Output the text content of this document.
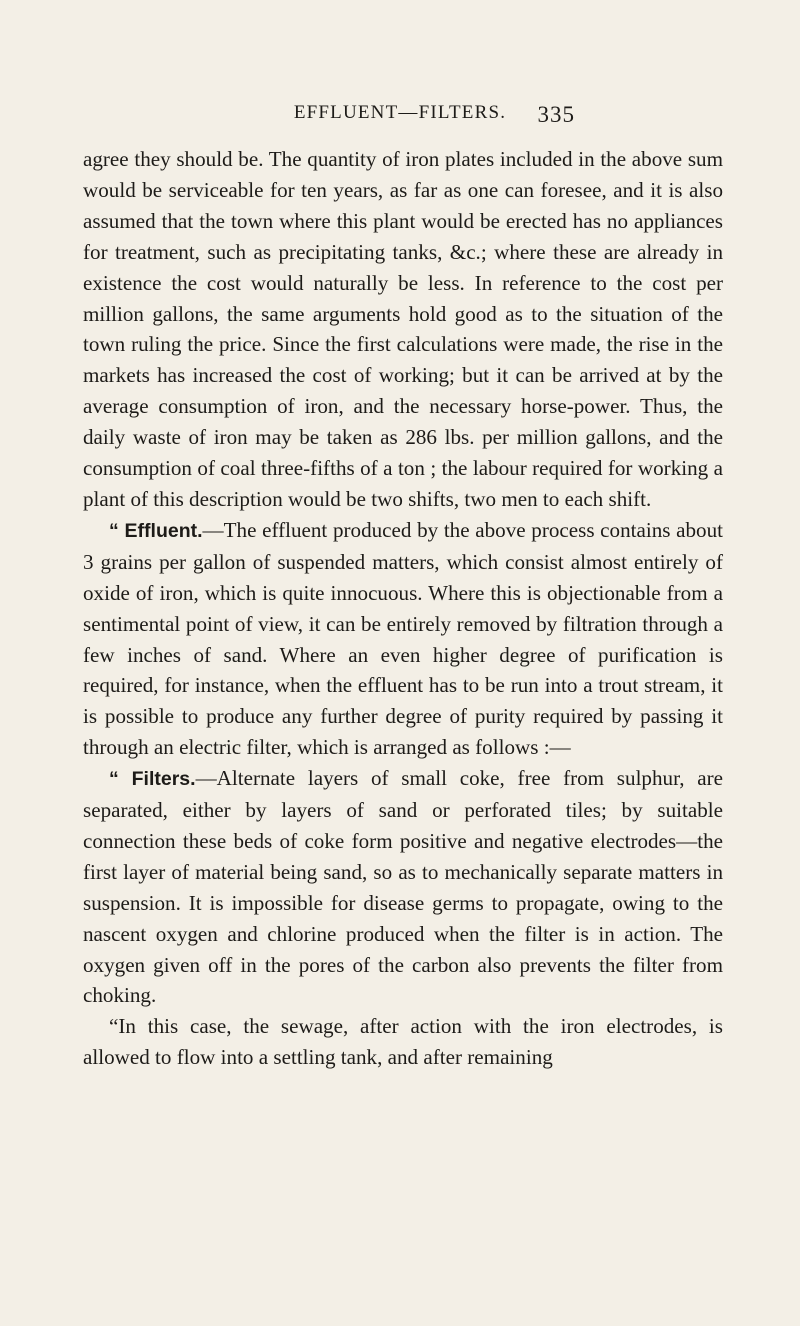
EFFLUENT—FILTERS.	335

agree they should be. The quantity of iron plates included in the above sum would be serviceable for ten years, as far as one can foresee, and it is also assumed that the town where this plant would be erected has no appliances for treatment, such as precipitating tanks, &c.; where these are already in existence the cost would naturally be less. In reference to the cost per million gallons, the same arguments hold good as to the situation of the town ruling the price. Since the first calculations were made, the rise in the markets has increased the cost of working; but it can be arrived at by the average consumption of iron, and the necessary horse-power. Thus, the daily waste of iron may be taken as 286 lbs. per million gallons, and the consumption of coal three-fifths of a ton ; the labour required for working a plant of this description would be two shifts, two men to each shift.

“ Effluent.—The effluent produced by the above process contains about 3 grains per gallon of suspended matters, which consist almost entirely of oxide of iron, which is quite innocuous. Where this is objectionable from a sentimental point of view, it can be entirely removed by filtration through a few inches of sand. Where an even higher degree of purification is required, for instance, when the effluent has to be run into a trout stream, it is possible to produce any further degree of purity required by passing it through an electric filter, which is arranged as follows :—

“ Filters.—Alternate layers of small coke, free from sulphur, are separated, either by layers of sand or perforated tiles; by suitable connection these beds of coke form positive and negative electrodes—the first layer of material being sand, so as to mechanically separate matters in suspension. It is impossible for disease germs to propagate, owing to the nascent oxygen and chlorine produced when the filter is in action. The oxygen given off in the pores of the carbon also prevents the filter from choking.

“In this case, the sewage, after action with the iron electrodes, is allowed to flow into a settling tank, and after remaining
